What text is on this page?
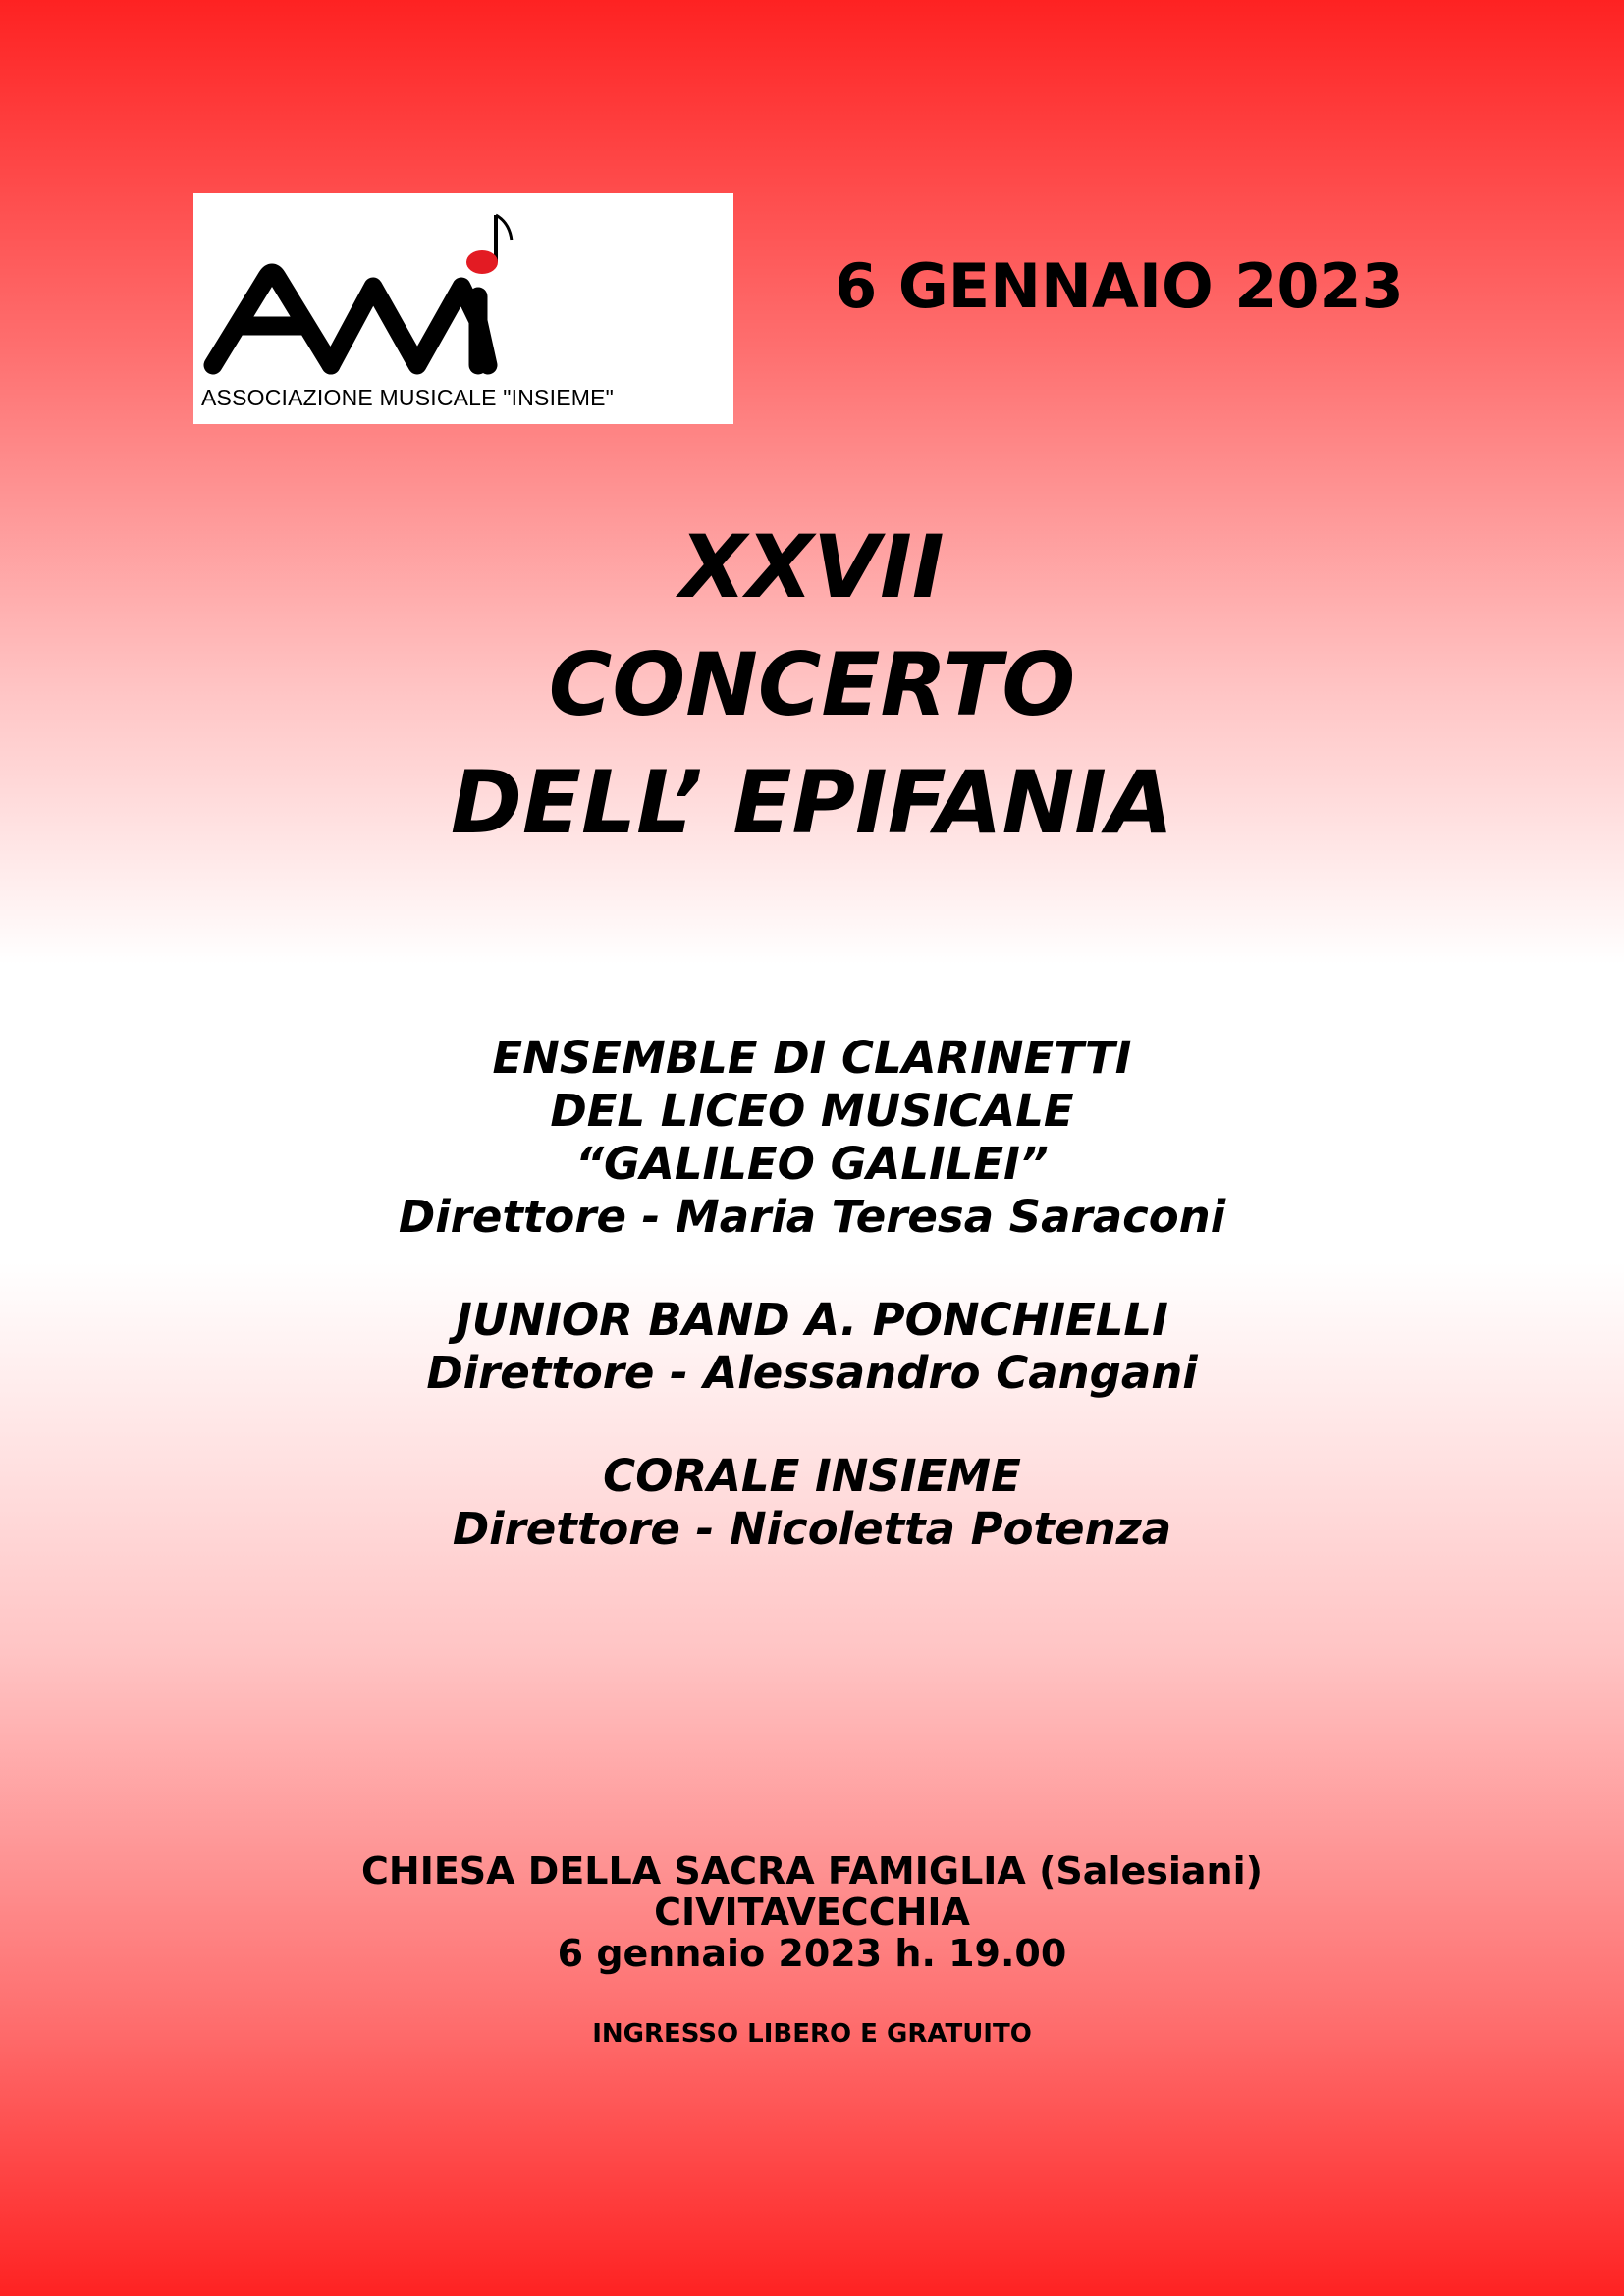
ASSOCIAZIONE MUSICALE "INSIEME"
6 GENNAIO 2023
XXVII
CONCERTO
DELL’ EPIFANIA
ENSEMBLE DI CLARINETTI
DEL LICEO MUSICALE
“GALILEO GALILEI”
Direttore - Maria Teresa Saraconi
JUNIOR BAND A. PONCHIELLI
Direttore - Alessandro Cangani
CORALE INSIEME
Direttore - Nicoletta Potenza
CHIESA DELLA SACRA FAMIGLIA (Salesiani)
CIVITAVECCHIA
6 gennaio 2023 h. 19.00
INGRESSO LIBERO E GRATUITO
